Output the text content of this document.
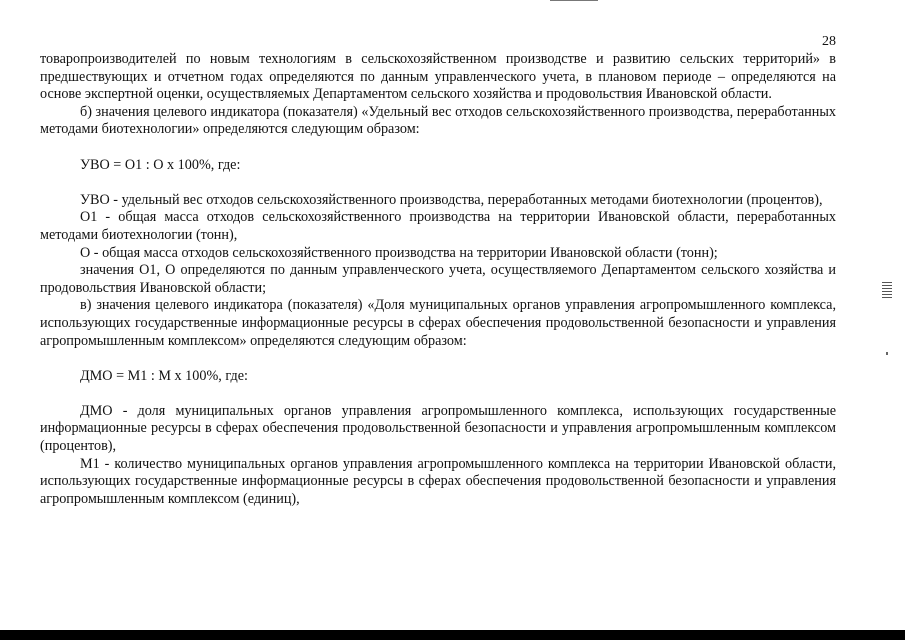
28

товаропроизводителей по новым технологиям в сельскохозяйственном производстве и развитию сельских территорий» в предшествующих и отчетном годах определяются по данным управленческого учета, в плановом периоде – определяются на основе экспертной оценки, осуществляемых Департаментом сельского хозяйства и продовольствия Ивановской области.

б) значения целевого индикатора (показателя) «Удельный вес отходов сельскохозяйственного производства, переработанных методами биотехнологии» определяются следующим образом:

УВО = О1 : О х 100%, где:

УВО - удельный вес отходов сельскохозяйственного производства, переработанных методами биотехнологии (процентов),

О1 - общая масса отходов сельскохозяйственного производства на территории Ивановской области, переработанных методами биотехнологии (тонн),

О - общая масса отходов сельскохозяйственного производства на территории Ивановской области (тонн);

значения О1, О определяются по данным управленческого учета, осуществляемого Департаментом сельского хозяйства и продовольствия Ивановской области;

в) значения целевого индикатора (показателя) «Доля муниципальных органов управления агропромышленного комплекса, использующих государственные информационные ресурсы в сферах обеспечения продовольственной безопасности и управления агропромышленным комплексом» определяются следующим образом:

ДМО = М1 : М х 100%, где:

ДМО - доля муниципальных органов управления агропромышленного комплекса, использующих государственные информационные ресурсы в сферах обеспечения продовольственной безопасности и управления агропромышленным комплексом (процентов),

М1 - количество муниципальных органов управления агропромышленного комплекса на территории Ивановской области, использующих государственные информационные ресурсы в сферах обеспечения продовольственной безопасности и управления агропромышленным комплексом (единиц),
